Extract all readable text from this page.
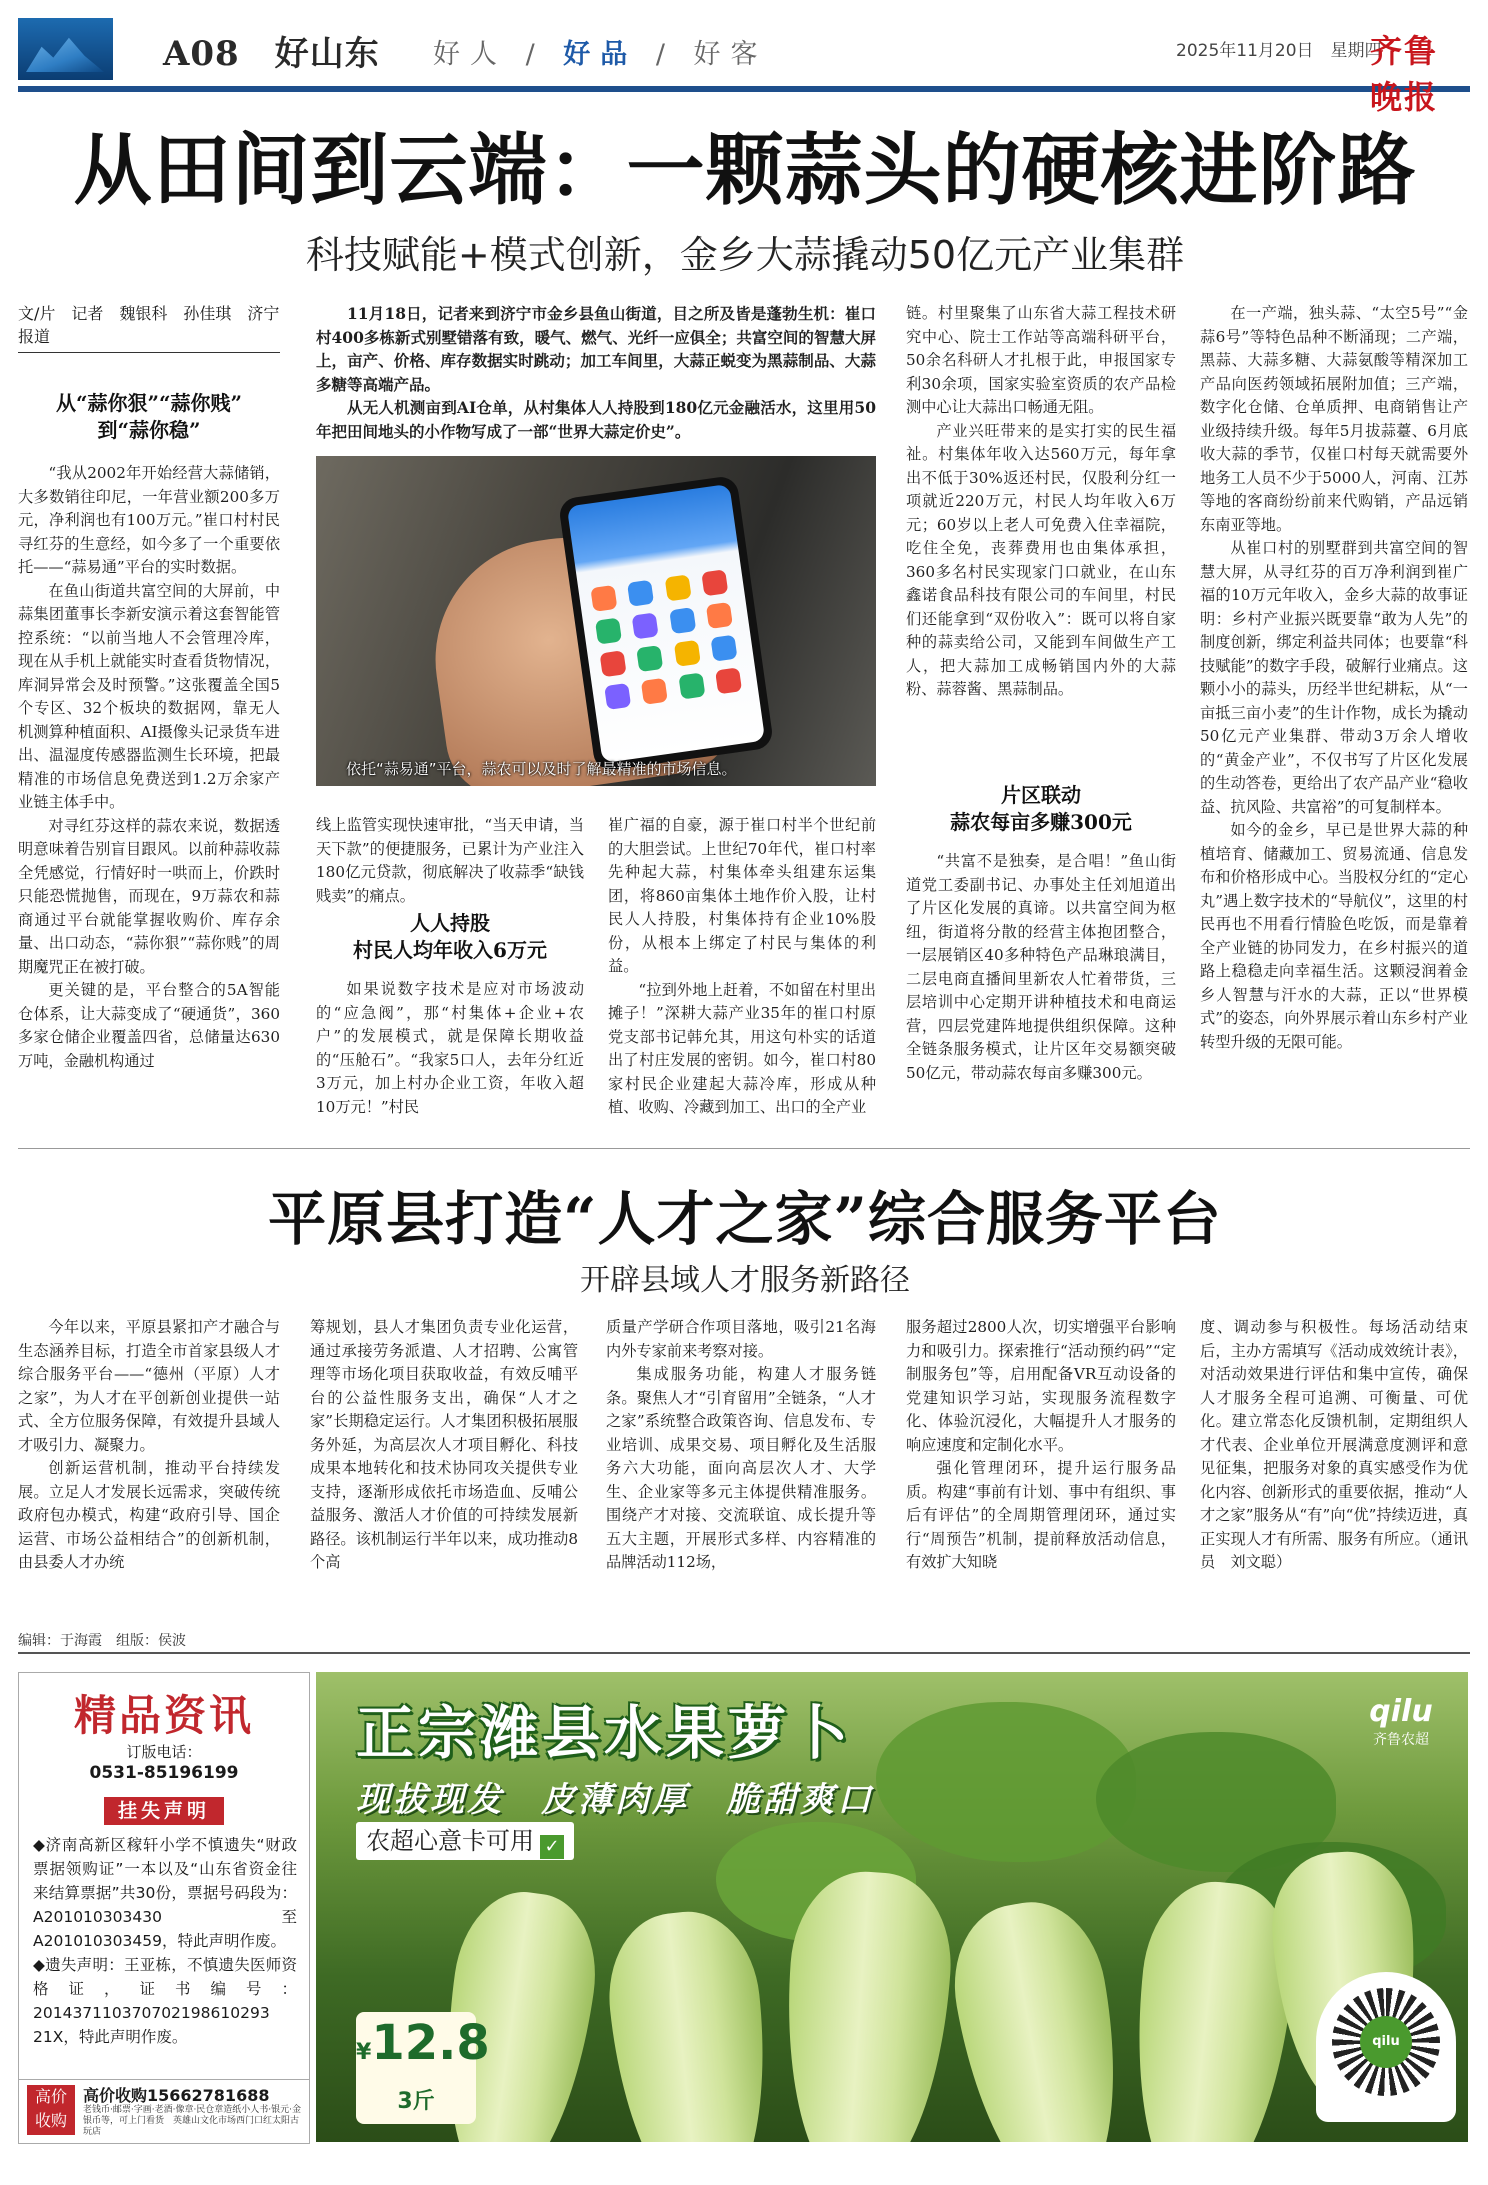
A08　 好山东 好人 / 好品 / 好客	2025年11月20日　星期四
齐鲁晚报
从田间到云端：一颗蒜头的硬核进阶路
科技赋能+模式创新，金乡大蒜撬动50亿元产业集群
文/片　记者　魏银科　孙佳琪　济宁报道
从“蒜你狠”“蒜你贱”
到“蒜你稳”

“我从2002年开始经营大蒜储销，大多数销往印尼，一年营业额200多万元，净利润也有100万元。”崔口村村民寻红芬的生意经，如今多了一个重要依托——“蒜易通”平台的实时数据。

在鱼山街道共富空间的大屏前，中蒜集团董事长李新安演示着这套智能管控系统：“以前当地人不会管理冷库，现在从手机上就能实时查看货物情况，库洞异常会及时预警。”这张覆盖全国5个专区、32个板块的数据网，靠无人机测算种植面积、AI摄像头记录货车进出、温湿度传感器监测生长环境，把最精准的市场信息免费送到1.2万余家产业链主体手中。

对寻红芬这样的蒜农来说，数据透明意味着告别盲目跟风。以前种蒜收蒜全凭感觉，行情好时一哄而上，价跌时只能恐慌抛售，而现在，9万蒜农和蒜商通过平台就能掌握收购价、库存余量、出口动态，“蒜你狠”“蒜你贱”的周期魔咒正在被打破。

更关键的是，平台整合的5A智能仓体系，让大蒜变成了“硬通货”，360多家仓储企业覆盖四省，总储量达630万吨，金融机构通过

11月18日，记者来到济宁市金乡县鱼山街道，目之所及皆是蓬勃生机：崔口村400多栋新式别墅错落有致，暖气、燃气、光纤一应俱全；共富空间的智慧大屏上，亩产、价格、库存数据实时跳动；加工车间里，大蒜正蜕变为黑蒜制品、大蒜多糖等高端产品。

从无人机测亩到AI仓单，从村集体人人持股到180亿元金融活水，这里用50年把田间地头的小作物写成了一部“世界大蒜定价史”。

依托“蒜易通”平台，蒜农可以及时了解最精准的市场信息。

线上监管实现快速审批，“当天申请，当天下款”的便捷服务，已累计为产业注入180亿元贷款，彻底解决了收蒜季“缺钱贱卖”的痛点。

人人持股
村民人均年收入6万元

如果说数字技术是应对市场波动的“应急阀”，那“村集体+企业+农户”的发展模式，就是保障长期收益的“压舱石”。“我家5口人，去年分红近3万元，加上村办企业工资，年收入超10万元！”村民

崔广福的自豪，源于崔口村半个世纪前的大胆尝试。上世纪70年代，崔口村率先种起大蒜，村集体牵头组建东运集团，将860亩集体土地作价入股，让村民人人持股，村集体持有企业10%股份，从根本上绑定了村民与集体的利益。

“拉到外地上赶着，不如留在村里出摊子！”深耕大蒜产业35年的崔口村原党支部书记韩允其，用这句朴实的话道出了村庄发展的密钥。如今，崔口村80家村民企业建起大蒜冷库，形成从种植、收购、冷藏到加工、出口的全产业

链。村里聚集了山东省大蒜工程技术研究中心、院士工作站等高端科研平台，50余名科研人才扎根于此，申报国家专利30余项，国家实验室资质的农产品检测中心让大蒜出口畅通无阻。

产业兴旺带来的是实打实的民生福祉。村集体年收入达560万元，每年拿出不低于30%返还村民，仅股利分红一项就近220万元，村民人均年收入6万元；60岁以上老人可免费入住幸福院，吃住全免，丧葬费用也由集体承担，360多名村民实现家门口就业，在山东鑫诺食品科技有限公司的车间里，村民们还能拿到“双份收入”：既可以将自家种的蒜卖给公司，又能到车间做生产工人，把大蒜加工成畅销国内外的大蒜粉、蒜蓉酱、黑蒜制品。

片区联动
蒜农每亩多赚300元

“共富不是独奏，是合唱！”鱼山街道党工委副书记、办事处主任刘旭道出了片区化发展的真谛。以共富空间为枢纽，街道将分散的经营主体抱团整合，一层展销区40多种特色产品琳琅满目，二层电商直播间里新农人忙着带货，三层培训中心定期开讲种植技术和电商运营，四层党建阵地提供组织保障。这种全链条服务模式，让片区年交易额突破50亿元，带动蒜农每亩多赚300元。

在一产端，独头蒜、“太空5号”“金蒜6号”等特色品种不断涌现；二产端，黑蒜、大蒜多糖、大蒜氨酸等精深加工产品向医药领域拓展附加值；三产端，数字化仓储、仓单质押、电商销售让产业级持续升级。每年5月拔蒜薹、6月底收大蒜的季节，仅崔口村每天就需要外地务工人员不少于5000人，河南、江苏等地的客商纷纷前来代购销，产品远销东南亚等地。

从崔口村的别墅群到共富空间的智慧大屏，从寻红芬的百万净利润到崔广福的10万元年收入，金乡大蒜的故事证明：乡村产业振兴既要靠“敢为人先”的制度创新，绑定利益共同体；也要靠“科技赋能”的数字手段，破解行业痛点。这颗小小的蒜头，历经半世纪耕耘，从“一亩抵三亩小麦”的生计作物，成长为撬动50亿元产业集群、带动3万余人增收的“黄金产业”，不仅书写了片区化发展的生动答卷，更给出了农产品产业“稳收益、抗风险、共富裕”的可复制样本。

如今的金乡，早已是世界大蒜的种植培育、储藏加工、贸易流通、信息发布和价格形成中心。当股权分红的“定心丸”遇上数字技术的“导航仪”，这里的村民再也不用看行情脸色吃饭，而是靠着全产业链的协同发力，在乡村振兴的道路上稳稳走向幸福生活。这颗浸润着金乡人智慧与汗水的大蒜，正以“世界模式”的姿态，向外界展示着山东乡村产业转型升级的无限可能。

平原县打造“人才之家”综合服务平台
开辟县域人才服务新路径

今年以来，平原县紧扣产才融合与生态涵养目标，打造全市首家县级人才综合服务平台——“德州（平原）人才之家”，为人才在平创新创业提供一站式、全方位服务保障，有效提升县域人才吸引力、凝聚力。

创新运营机制，推动平台持续发展。立足人才发展长远需求，突破传统政府包办模式，构建“政府引导、国企运营、市场公益相结合”的创新机制，由县委人才办统

筹规划，县人才集团负责专业化运营，通过承接劳务派遣、人才招聘、公寓管理等市场化项目获取收益，有效反哺平台的公益性服务支出，确保“人才之家”长期稳定运行。人才集团积极拓展服务外延，为高层次人才项目孵化、科技成果本地转化和技术协同攻关提供专业支持，逐渐形成依托市场造血、反哺公益服务、激活人才价值的可持续发展新路径。该机制运行半年以来，成功推动8个高

质量产学研合作项目落地，吸引21名海内外专家前来考察对接。

集成服务功能，构建人才服务链条。聚焦人才“引育留用”全链条，“人才之家”系统整合政策咨询、信息发布、专业培训、成果交易、项目孵化及生活服务六大功能，面向高层次人才、大学生、企业家等多元主体提供精准服务。围绕产才对接、交流联谊、成长提升等五大主题，开展形式多样、内容精准的品牌活动112场，

服务超过2800人次，切实增强平台影响力和吸引力。探索推行“活动预约码”“定制服务包”等，启用配备VR互动设备的党建知识学习站，实现服务流程数字化、体验沉浸化，大幅提升人才服务的响应速度和定制化水平。

强化管理闭环，提升运行服务品质。构建“事前有计划、事中有组织、事后有评估”的全周期管理闭环，通过实行“周预告”机制，提前释放活动信息，有效扩大知晓

度、调动参与积极性。每场活动结束后，主办方需填写《活动成效统计表》，对活动效果进行评估和集中宣传，确保人才服务全程可追溯、可衡量、可优化。建立常态化反馈机制，定期组织人才代表、企业单位开展满意度测评和意见征集，把服务对象的真实感受作为优化内容、创新形式的重要依据，推动“人才之家”服务从“有”向“优”持续迈进，真正实现人才有所需、服务有所应。（通讯员　刘文聪）

编辑：于海霞　组版：侯波
精品资讯
订版电话：
0531-85196199
挂失声明

◆济南高新区稼轩小学不慎遗失“财政票据领购证”一本以及“山东省资金往来结算票据”共30份，票据号码段为：A201010303430至A201010303459，特此声明作废。

◆遗失声明：王亚栋，不慎遗失医师资格证，证书编号：201437110370702198610293​21X，特此声明作废。

高价
收购
高价收购15662781688
老钱币·邮票·字画·老酒·像章·民仓章造纸小人书·银元·金银币等，可上门看货　英雄山文化市场西门口红太阳古玩店
正宗潍县水果萝卜
现拔现发　皮薄肉厚　脆甜爽口
农超心意卡可用 ✓
qilu
齐鲁农超
¥12.8
3斤
qilu
